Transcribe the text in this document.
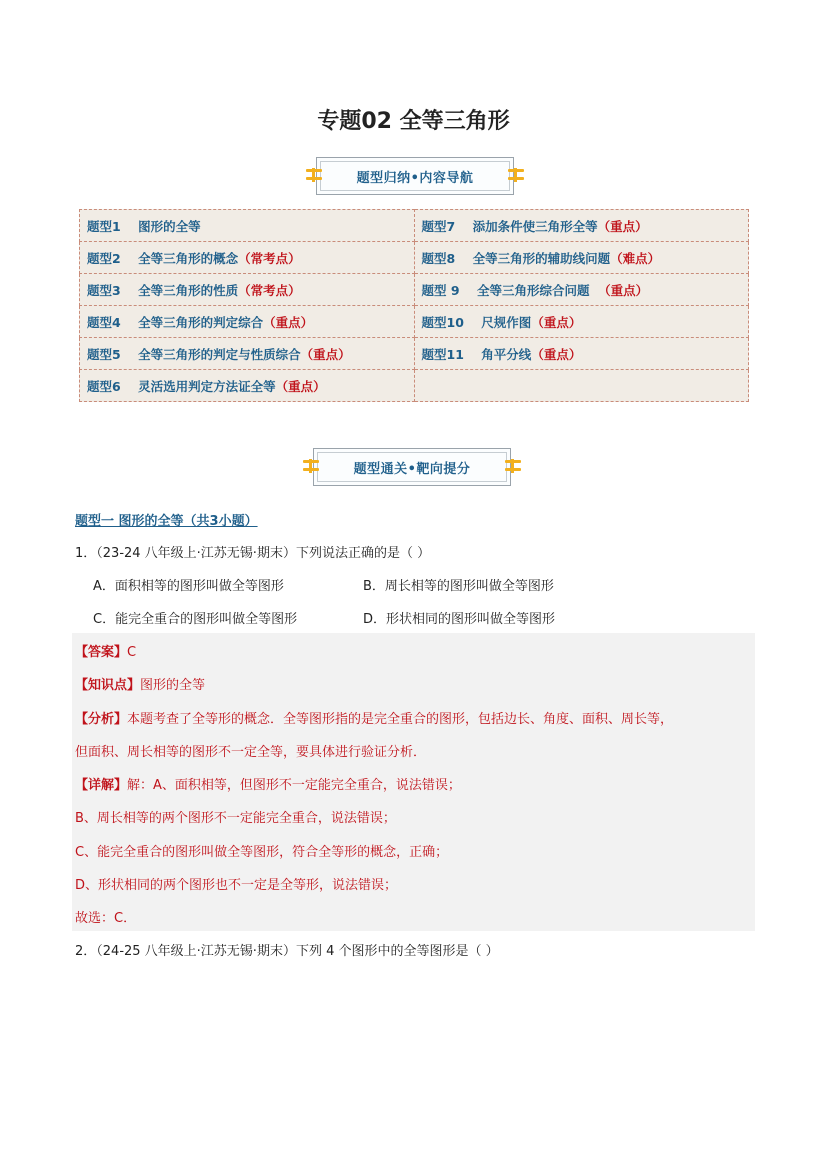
专题02 全等三角形
题型归纳•内容导航
题型1    图形的全等	题型7    添加条件使三角形全等（重点）
题型2    全等三角形的概念（常考点）	题型8    全等三角形的辅助线问题（难点）
题型3    全等三角形的性质（常考点）	题型 9    全等三角形综合问题  （重点）
题型4    全等三角形的判定综合（重点）	题型10    尺规作图（重点）
题型5    全等三角形的判定与性质综合（重点）	题型11    角平分线（重点）
题型6    灵活选用判定方法证全等（重点）	
题型通关•靶向提分
题型一 图形的全等（共3小题）
1．（23-24 八年级上·江苏无锡·期末）下列说法正确的是（ ）
A．面积相等的图形叫做全等图形	B．周长相等的图形叫做全等图形
C．能完全重合的图形叫做全等图形	D．形状相同的图形叫做全等图形
【答案】C
【知识点】图形的全等
【分析】本题考查了全等形的概念．全等图形指的是完全重合的图形，包括边长、角度、面积、周长等，
但面积、周长相等的图形不一定全等，要具体进行验证分析．
【详解】解：A、面积相等，但图形不一定能完全重合，说法错误；
B、周长相等的两个图形不一定能完全重合，说法错误；
C、能完全重合的图形叫做全等图形，符合全等形的概念，正确；
D、形状相同的两个图形也不一定是全等形，说法错误；
故选：C．
2．（24-25 八年级上·江苏无锡·期末）下列 4 个图形中的全等图形是（ ）
